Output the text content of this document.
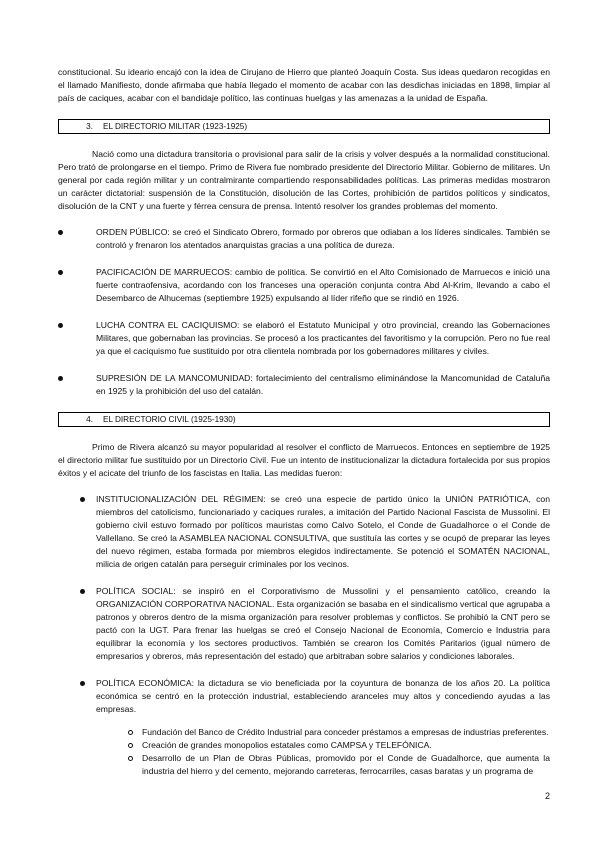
constitucional. Su ideario encajó con la idea de Cirujano de Hierro que planteó Joaquín Costa. Sus ideas quedaron recogidas en el llamado Manifiesto, donde afirmaba que había llegado el momento de acabar con las desdichas iniciadas en 1898, limpiar al país de caciques, acabar con el bandidaje político, las continuas huelgas y las amenazas a la unidad de España.

3.	EL DIRECTORIO MILITAR (1923-1925)

Nació como una dictadura transitoria o provisional para salir de la crisis y volver después a la normalidad constitucional. Pero trató de prolongarse en el tiempo. Primo de Rivera fue nombrado presidente del Directorio Militar. Gobierno de militares. Un general por cada región militar y un contralmirante compartiendo responsabilidades políticas. Las primeras medidas mostraron un carácter dictatorial: suspensión de la Constitución, disolución de las Cortes, prohibición de partidos políticos y sindicatos, disolución de la CNT y una fuerte y férrea censura de prensa. Intentó resolver los grandes problemas del momento.

ORDEN PÚBLICO: se creó el Sindicato Obrero, formado por obreros que odiaban a los líderes sindicales. También se controló y frenaron los atentados anarquistas gracias a una política de dureza.

PACIFICACIÓN DE MARRUECOS: cambio de política. Se convirtió en el Alto Comisionado de Marruecos e inició una fuerte contraofensiva, acordando con los franceses una operación conjunta contra Abd Al-Krim, llevando a cabo el Desembarco de Alhucemas (septiembre 1925) expulsando al líder rifeño que se rindió en 1926.

LUCHA CONTRA EL CACIQUISMO: se elaboró el Estatuto Municipal y otro provincial, creando las Gobernaciones Militares, que gobernaban las provincias. Se procesó a los practicantes del favoritismo y la corrupción. Pero no fue real ya que el caciquismo fue sustituido por otra clientela nombrada por los gobernadores militares y civiles.

SUPRESIÓN DE LA MANCOMUNIDAD: fortalecimiento del centralismo eliminándose la Mancomunidad de Cataluña en 1925 y la prohibición del uso del catalán.

4.	EL DIRECTORIO CIVIL (1925-1930)

Primo de Rivera alcanzó su mayor popularidad al resolver el conflicto de Marruecos. Entonces en septiembre de 1925 el directorio militar fue sustituido por un Directorio Civil. Fue un intento de institucionalizar la dictadura fortalecida por sus propios éxitos y el acicate del triunfo de los fascistas en Italia. Las medidas fueron:

INSTITUCIONALIZACIÓN DEL RÉGIMEN: se creó una especie de partido único la UNIÓN PATRIÓTICA, con miembros del catolicismo, funcionariado y caciques rurales, a imitación del Partido Nacional Fascista de Mussolini. El gobierno civil estuvo formado por políticos mauristas como Calvo Sotelo, el Conde de Guadalhorce o el Conde de Vallellano. Se creó la ASAMBLEA NACIONAL CONSULTIVA, que sustituía las cortes y se ocupó de preparar las leyes del nuevo régimen, estaba formada por miembros elegidos indirectamente. Se potenció el SOMATÉN NACIONAL, milicia de origen catalán para perseguir criminales por los vecinos.

POLÍTICA SOCIAL: se inspiró en el Corporativismo de Mussolini y el pensamiento católico, creando la ORGANIZACIÓN CORPORATIVA NACIONAL. Esta organización se basaba en el sindicalismo vertical que agrupaba a patronos y obreros dentro de la misma organización para resolver problemas y conflictos. Se prohibió la CNT pero se pactó con la UGT. Para frenar las huelgas se creó el Consejo Nacional de Economía, Comercio e Industria para equilibrar la economía y los sectores productivos. También se crearon los Comités Paritarios (igual número de empresarios y obreros, más representación del estado) que arbitraban sobre salarios y condiciones laborales.

POLÍTICA ECONÓMICA: la dictadura se vio beneficiada por la coyuntura de bonanza de los años 20. La política económica se centró en la protección industrial, estableciendo aranceles muy altos y concediendo ayudas a las empresas.

Fundación del Banco de Crédito Industrial para conceder préstamos a empresas de industrias preferentes.

Creación de grandes monopolios estatales como CAMPSA y TELEFÓNICA.

Desarrollo de un Plan de Obras Públicas, promovido por el Conde de Guadalhorce, que aumenta la industria del hierro y del cemento, mejorando carreteras, ferrocarriles, casas baratas y un programa de

2
